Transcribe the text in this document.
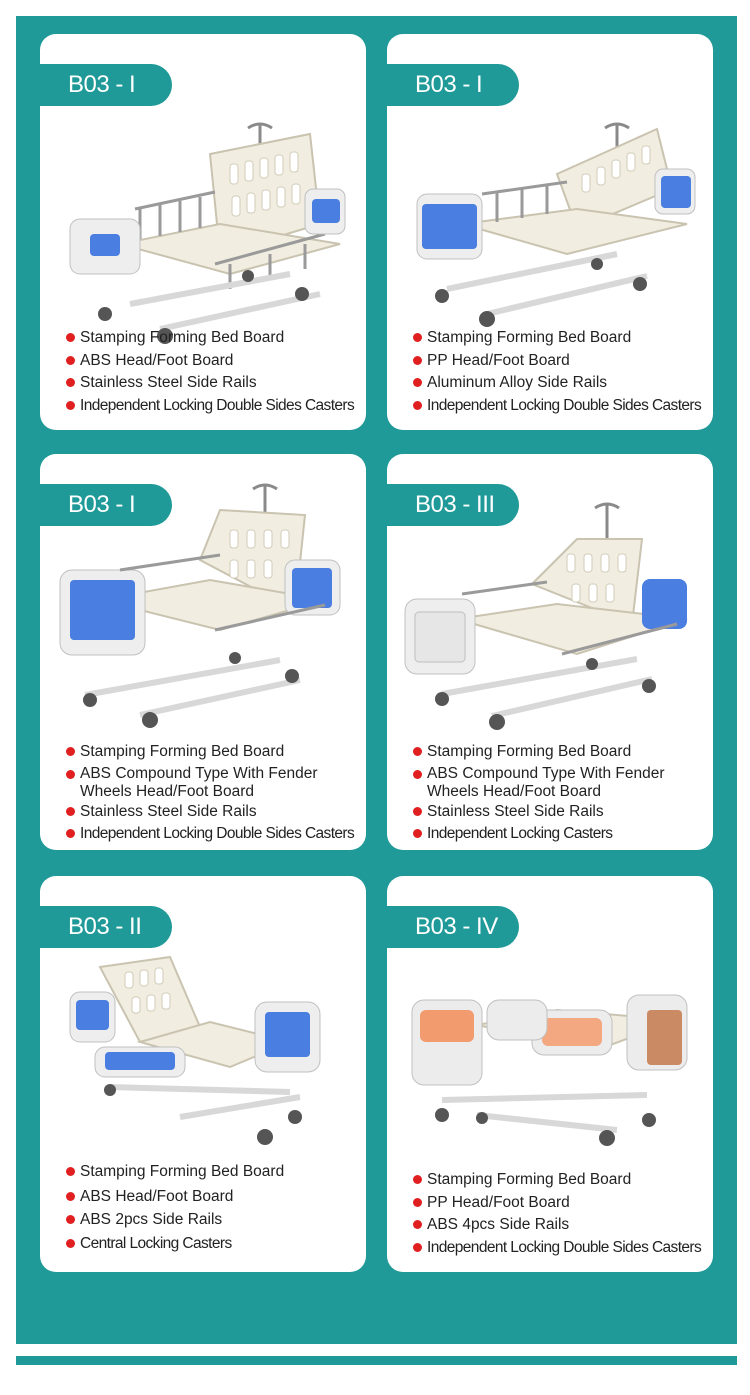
B03 - I
Stamping Forming Bed Board
ABS Head/Foot Board
Stainless Steel Side Rails
Independent Locking Double Sides Casters
B03 - I
Stamping Forming Bed Board
PP Head/Foot Board
Aluminum Alloy Side Rails
Independent Locking Double Sides Casters
B03 - I
Stamping Forming Bed Board
ABS Compound Type With Fender Wheels Head/Foot Board
Stainless Steel Side Rails
Independent Locking Double Sides Casters
B03 - III
Stamping Forming Bed Board
ABS Compound Type With Fender Wheels Head/Foot Board
Stainless Steel Side Rails
Independent Locking Casters
B03 - II
Stamping Forming Bed Board
ABS Head/Foot Board
ABS 2pcs Side Rails
Central Locking Casters
B03 - IV
Stamping Forming Bed Board
PP Head/Foot Board
ABS 4pcs Side Rails
Independent Locking Double Sides Casters
